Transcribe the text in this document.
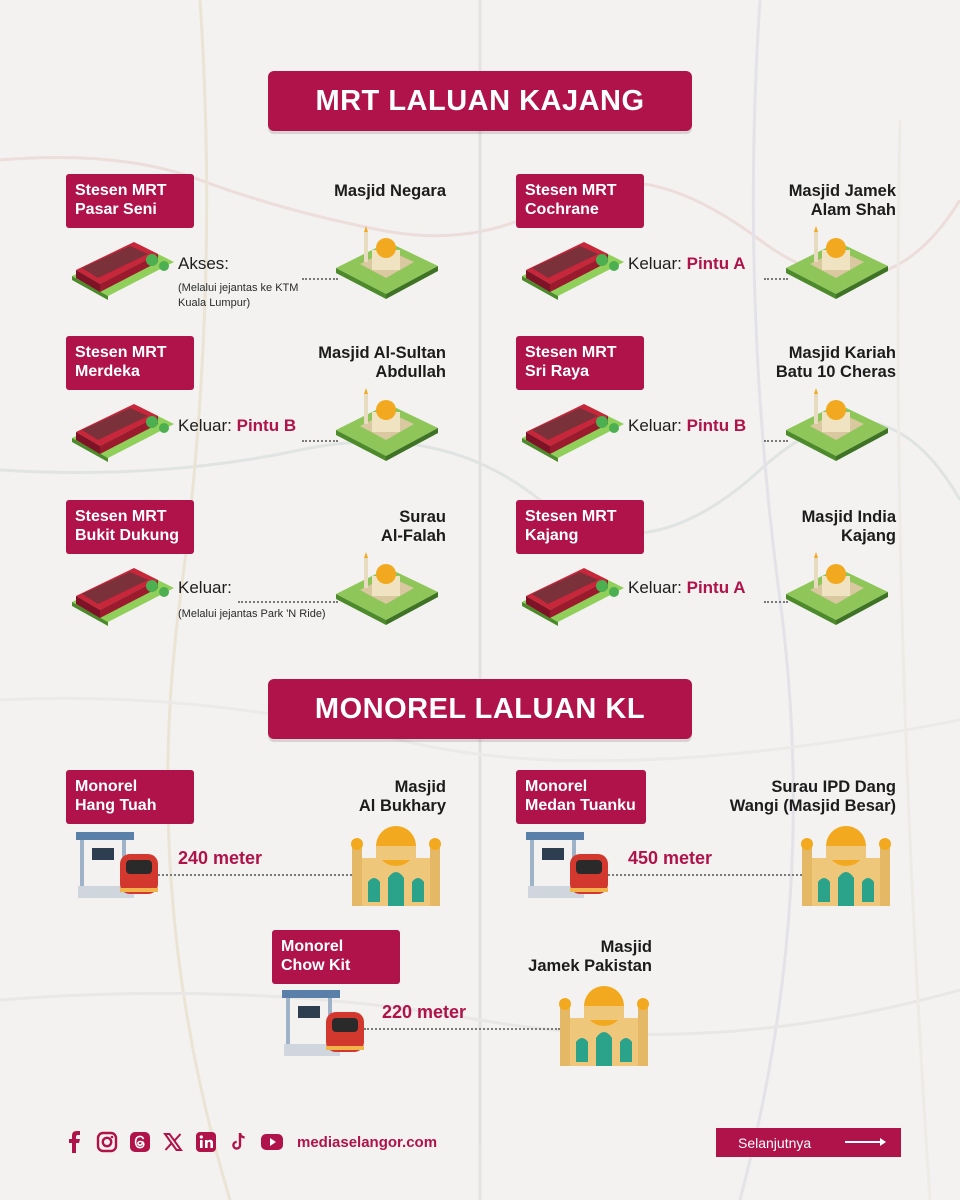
MRT LALUAN KAJANG
Stesen MRT
Pasar Seni
Masjid Negara
Akses:
(Melalui jejantas ke KTM
Kuala Lumpur)
Stesen MRT
Cochrane
Masjid Jamek
Alam Shah
Keluar: Pintu A
Stesen MRT
Merdeka
Masjid Al-Sultan
Abdullah
Keluar: Pintu B
Stesen MRT
Sri Raya
Masjid Kariah
Batu 10 Cheras
Keluar: Pintu B
Stesen MRT
Bukit Dukung
Surau
Al-Falah
Keluar:
(Melalui jejantas Park 'N Ride)
Stesen MRT
Kajang
Masjid India
Kajang
Keluar: Pintu A
MONOREL LALUAN KL
Monorel
Hang Tuah
Masjid
Al Bukhary
240 meter
Monorel
Medan Tuanku
Surau IPD Dang
Wangi (Masjid Besar)
450 meter
Monorel
Chow Kit
Masjid
Jamek Pakistan
220 meter
mediaselangor.com	Selanjutnya
